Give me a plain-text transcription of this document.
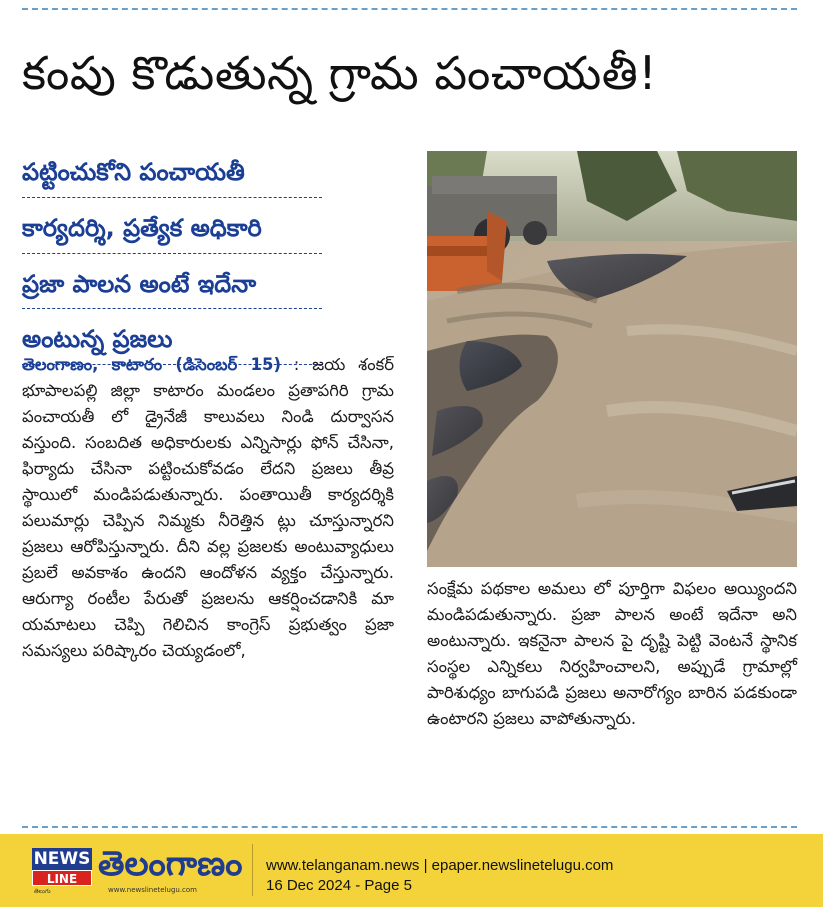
కంపు కొడుతున్న గ్రామ పంచాయతీ!
పట్టించుకోని పంచాయతీ
కార్యదర్శి, ప్రత్యేక అధికారి
ప్రజా పాలన అంటే ఇదేనా
అంటున్న ప్రజలు
తెలంగాణం, కాటారం (డిసెంబర్ 15) : జయ శంకర్ భూపాలపల్లి జిల్లా కాటారం మండలం ప్రతాపగిరి గ్రామ పంచాయతీ లో డ్రైనేజీ కాలువలు నిండి దుర్వాసన వస్తుంది. సంబదిత అధికారులకు ఎన్నిసార్లు ఫోన్ చేసినా, ఫిర్యాదు చేసినా పట్టించుకోవడం లేదని ప్రజలు తీవ్ర స్థాయిలో మండిపడుతున్నారు. పంతాయితీ కార్యదర్శికి పలుమార్లు చెప్పిన నిమ్మకు నీరెత్తిన ట్లు చూస్తున్నారని ప్రజలు ఆరోపిస్తున్నారు. దీని వల్ల ప్రజలకు అంటువ్యాధులు ప్రబలే అవకాశం ఉందని ఆందోళన వ్యక్తం చేస్తున్నారు. ఆరుగ్యా రంటీల పేరుతో ప్రజలను ఆకర్షించడానికి మా యమాటలు చెప్పి గెలిచిన కాంగ్రెస్ ప్రభుత్వం ప్రజా సమస్యలు పరిష్కారం చెయ్యడంలో,
సంక్షేమ పథకాల అమలు లో పూర్తిగా విఫలం అయ్యిందని మండిపడుతున్నారు. ప్రజా పాలన అంటే ఇదేనా అని అంటున్నారు. ఇకనైనా పాలన పై దృష్టి పెట్టి వెంటనే స్థానిక సంస్థల ఎన్నికలు నిర్వహించాలని, అప్పుడే గ్రామాల్లో పారిశుధ్యం బాగుపడి ప్రజలు అనారోగ్యం బారిన పడకుండా ఉంటారని ప్రజలు వాపోతున్నారు.
NEWS
LINE
తెలుగు
తెలంగాణం
www.newslinetelugu.com
www.telanganam.news | epaper.newslinetelugu.com
16 Dec 2024 - Page 5
